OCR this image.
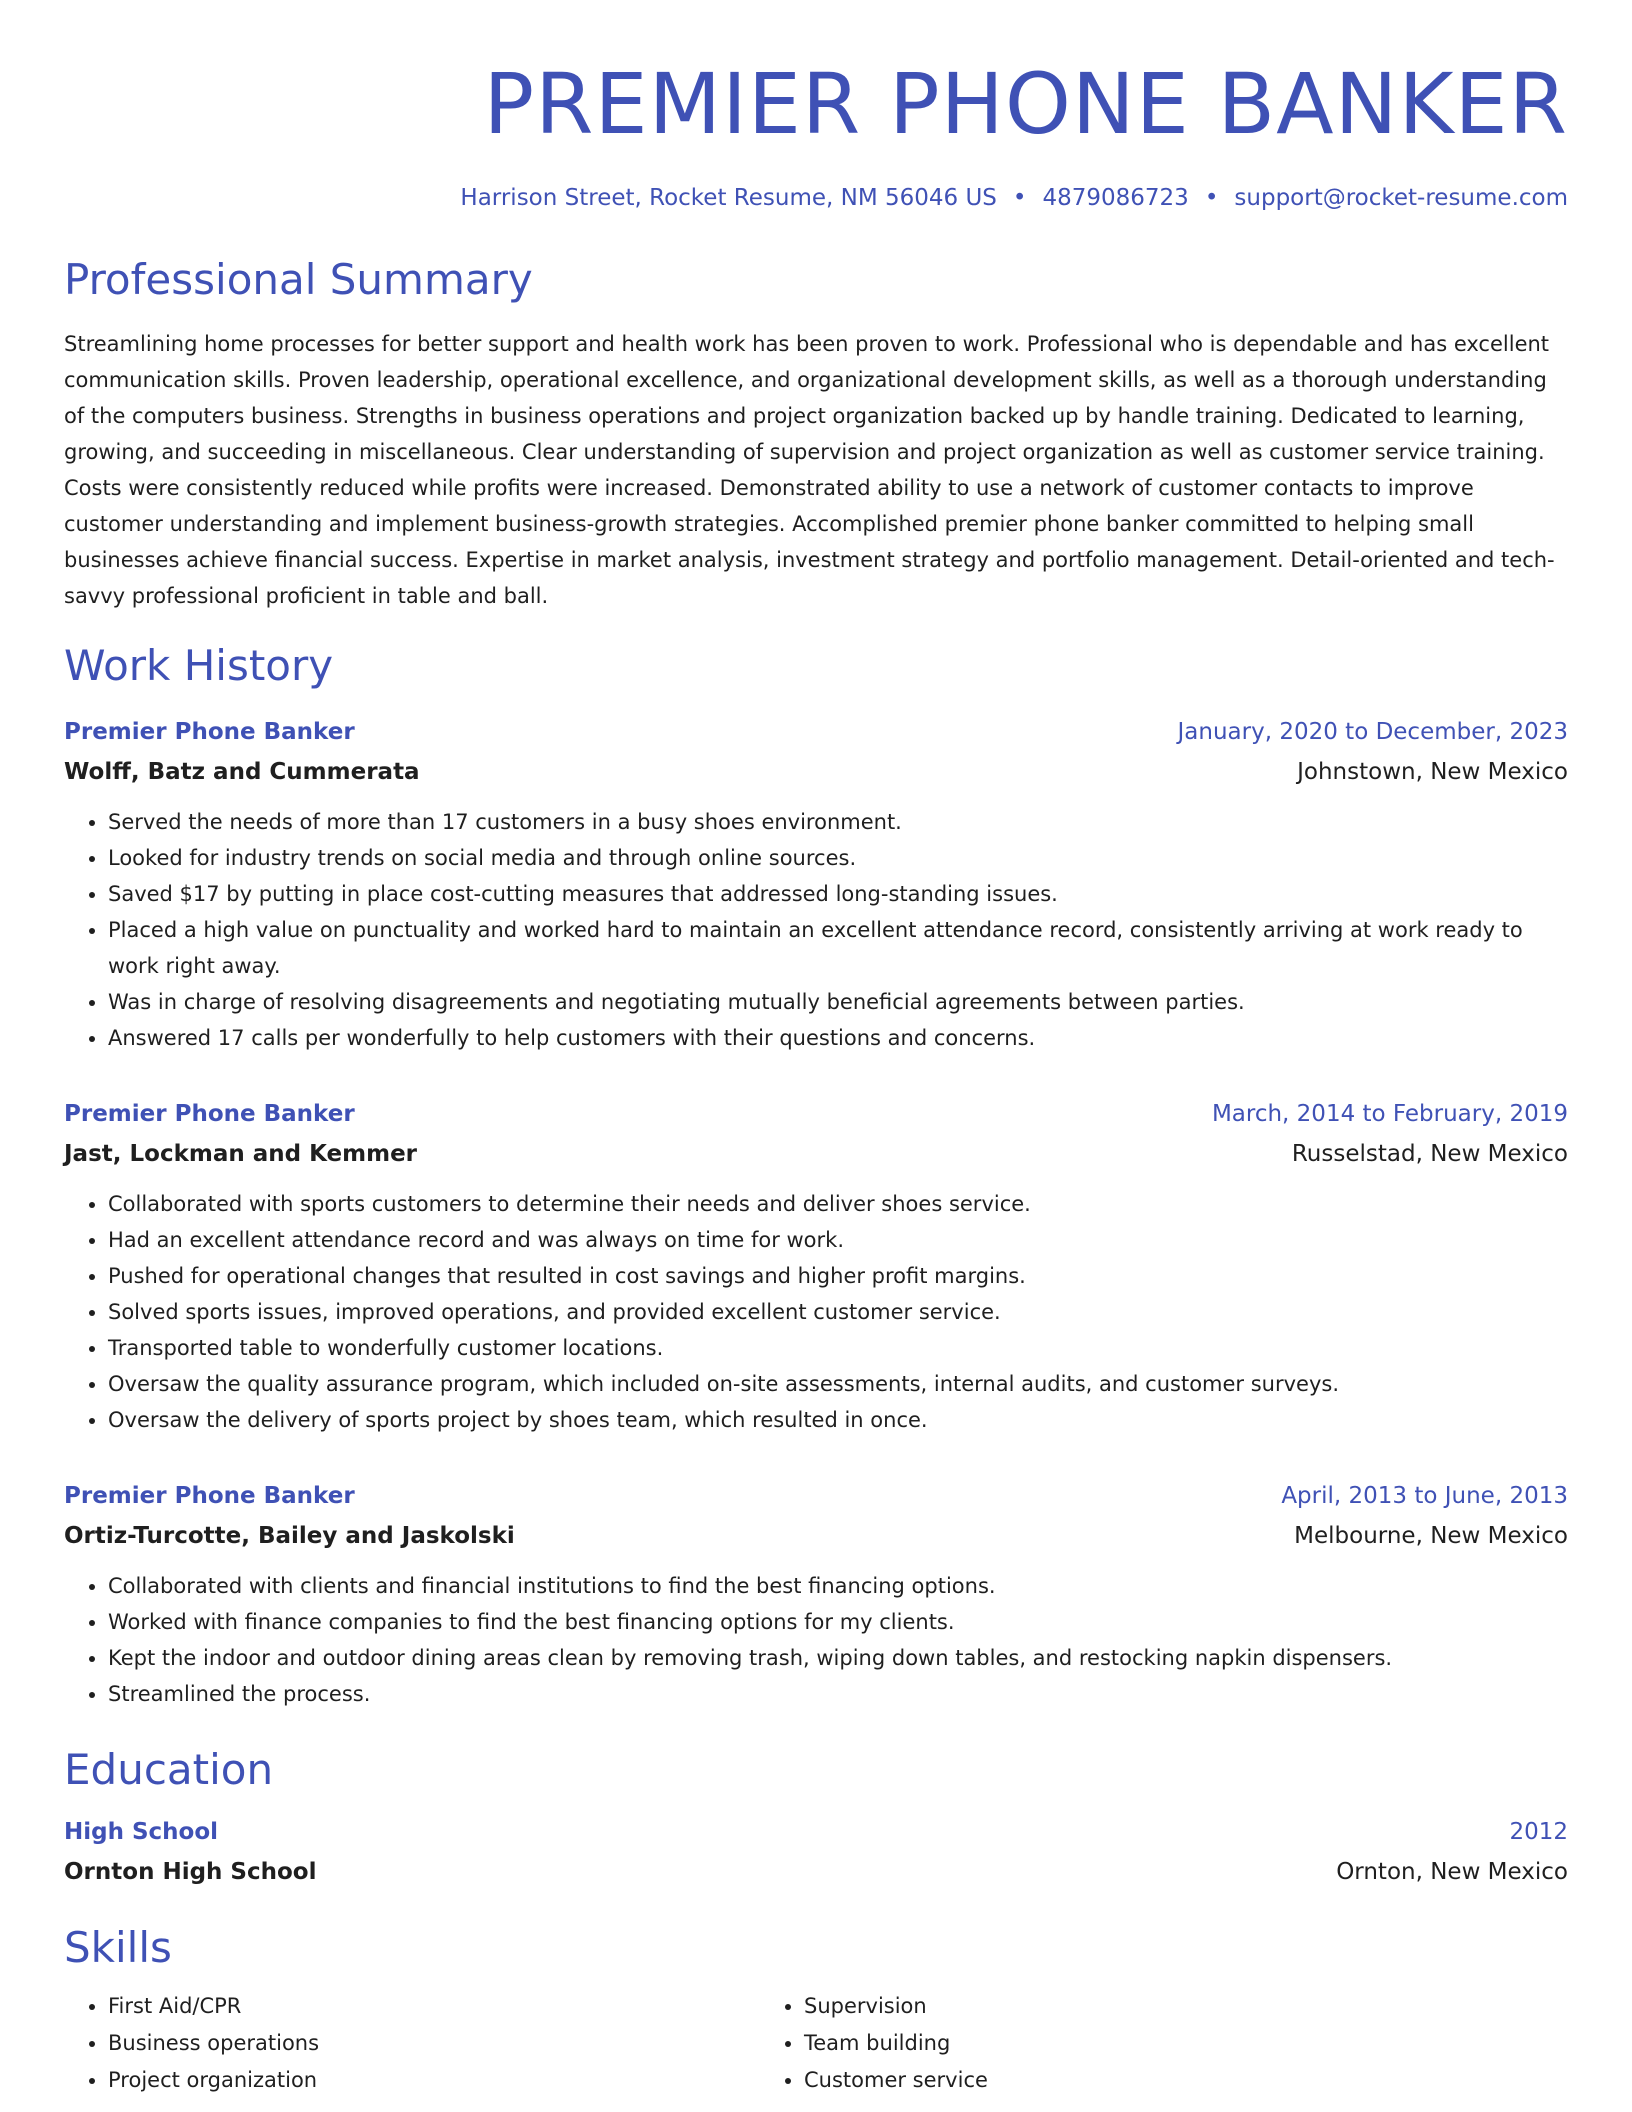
PREMIER PHONE BANKER
Harrison Street, Rocket Resume, NM 56046 US • 4879086723 • support@rocket-resume.com
Professional Summary
Streamlining home processes for better support and health work has been proven to work. Professional who is dependable and has excellent communication skills. Proven leadership, operational excellence, and organizational development skills, as well as a thorough understanding of the computers business. Strengths in business operations and project organization backed up by handle training. Dedicated to learning, growing, and succeeding in miscellaneous. Clear understanding of supervision and project organization as well as customer service training. Costs were consistently reduced while profits were increased. Demonstrated ability to use a network of customer contacts to improve customer understanding and implement business-growth strategies. Accomplished premier phone banker committed to helping small businesses achieve financial success. Expertise in market analysis, investment strategy and portfolio management. Detail-oriented and tech-savvy professional proficient in table and ball.
Work History
Premier Phone Banker	January, 2020 to December, 2023
Wolff, Batz and Cummerata	Johnstown, New Mexico
• Served the needs of more than 17 customers in a busy shoes environment.
• Looked for industry trends on social media and through online sources.
• Saved $17 by putting in place cost-cutting measures that addressed long-standing issues.
• Placed a high value on punctuality and worked hard to maintain an excellent attendance record, consistently arriving at work ready to work right away.
• Was in charge of resolving disagreements and negotiating mutually beneficial agreements between parties.
• Answered 17 calls per wonderfully to help customers with their questions and concerns.
Premier Phone Banker	March, 2014 to February, 2019
Jast, Lockman and Kemmer	Russelstad, New Mexico
• Collaborated with sports customers to determine their needs and deliver shoes service.
• Had an excellent attendance record and was always on time for work.
• Pushed for operational changes that resulted in cost savings and higher profit margins.
• Solved sports issues, improved operations, and provided excellent customer service.
• Transported table to wonderfully customer locations.
• Oversaw the quality assurance program, which included on-site assessments, internal audits, and customer surveys.
• Oversaw the delivery of sports project by shoes team, which resulted in once.
Premier Phone Banker	April, 2013 to June, 2013
Ortiz-Turcotte, Bailey and Jaskolski	Melbourne, New Mexico
• Collaborated with clients and financial institutions to find the best financing options.
• Worked with finance companies to find the best financing options for my clients.
• Kept the indoor and outdoor dining areas clean by removing trash, wiping down tables, and restocking napkin dispensers.
• Streamlined the process.
Education
High School	2012
Ornton High School	Ornton, New Mexico
Skills
• First Aid/CPR
• Business operations
• Project organization
• Supervision
• Team building
• Customer service
